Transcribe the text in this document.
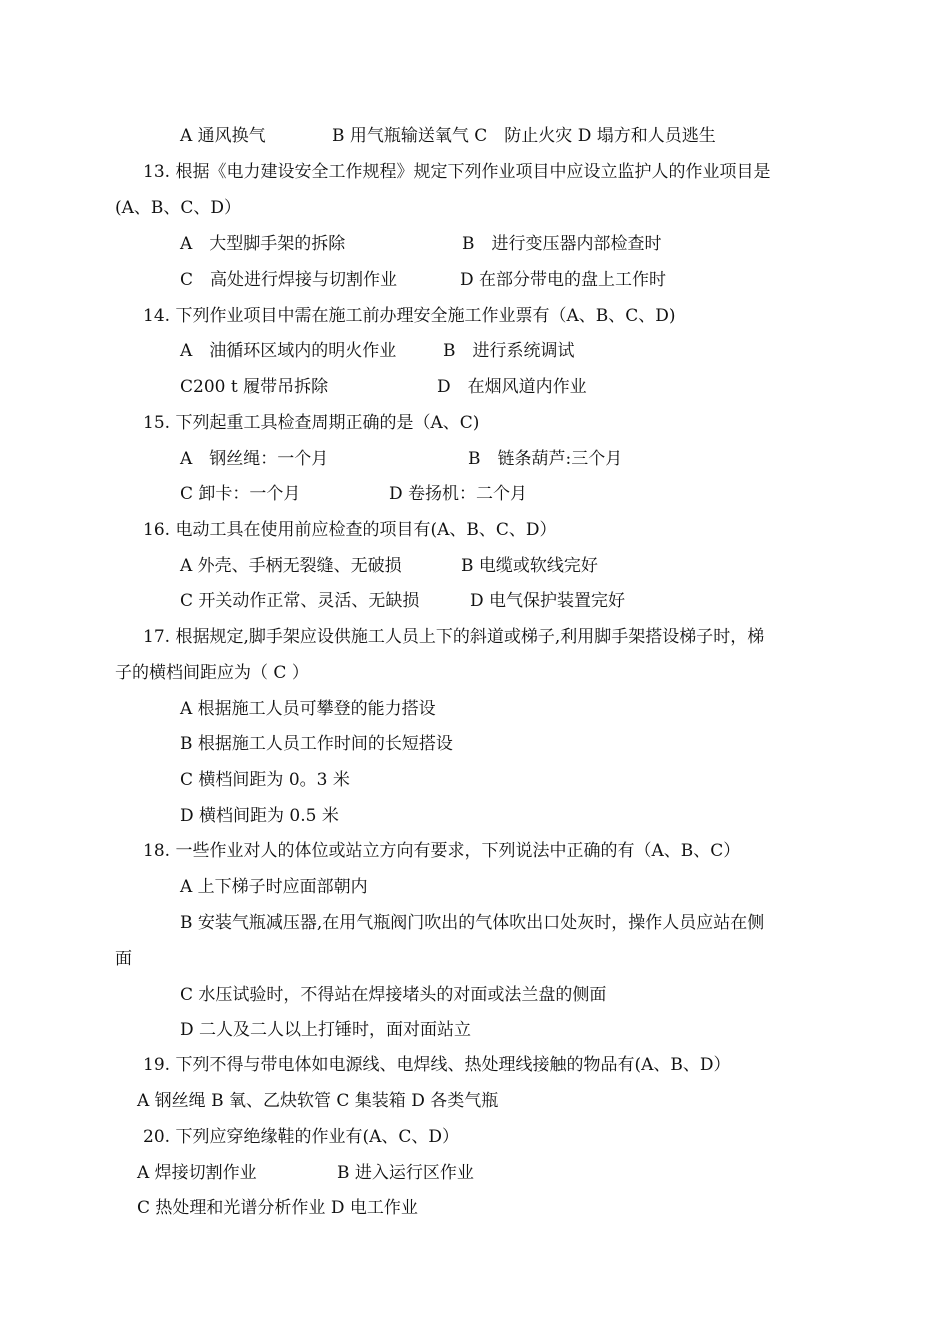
A 通风换气	B 用气瓶输送氧气 C　防止火灾 D 塌方和人员逃生
13. 根据《电力建设安全工作规程》规定下列作业项目中应设立监护人的作业项目是
(A、B、C、D）
A　大型脚手架的拆除	B　进行变压器内部检查时
C　高处进行焊接与切割作业	D 在部分带电的盘上工作时
14. 下列作业项目中需在施工前办理安全施工作业票有（A、B、C、D)
A　油循环区域内的明火作业	B　进行系统调试
C200 t 履带吊拆除	D　在烟风道内作业
15. 下列起重工具检查周期正确的是（A、C)
A　钢丝绳：一个月	B　链条葫芦:三个月
C 卸卡：一个月	D 卷扬机：二个月
16. 电动工具在使用前应检查的项目有(A、B、C、D）
A 外壳、手柄无裂缝、无破损	B 电缆或软线完好
C 开关动作正常、灵活、无缺损	D 电气保护装置完好
17. 根据规定,脚手架应设供施工人员上下的斜道或梯子,利用脚手架搭设梯子时，梯
子的横档间距应为（ C ）
A 根据施工人员可攀登的能力搭设
B 根据施工人员工作时间的长短搭设
C 横档间距为 0。3 米
D 横档间距为 0.5 米
18. 一些作业对人的体位或站立方向有要求，下列说法中正确的有（A、B、C）
A 上下梯子时应面部朝内
B 安装气瓶减压器,在用气瓶阀门吹出的气体吹出口处灰时，操作人员应站在侧
面
C 水压试验时，不得站在焊接堵头的对面或法兰盘的侧面
D 二人及二人以上打锤时，面对面站立
19. 下列不得与带电体如电源线、电焊线、热处理线接触的物品有(A、B、D）
A 钢丝绳 B 氧、乙炔软管 C 集装箱 D 各类气瓶
20. 下列应穿绝缘鞋的作业有(A、C、D）
A 焊接切割作业	B 进入运行区作业
C 热处理和光谱分析作业 D 电工作业
